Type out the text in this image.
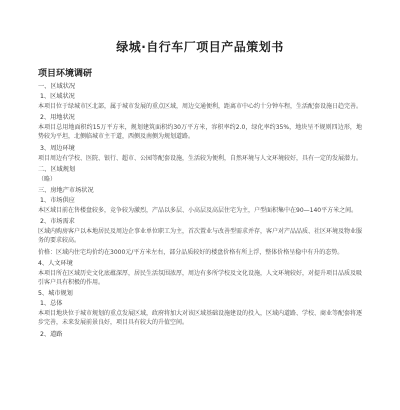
绿城·自行车厂项目产品策划书
项目环境调研
一、区域状况
1、区域状况
本项目位于绿城市区北部，属于城市发展的重点区域，周边交通便利，距离市中心约十分钟车程，生活配套设施日趋完善。
2、用地状况
本项目总用地面积约15万平方米，规划建筑面积约30万平方米，容积率约2.0，绿化率约35%，地块呈不规则四边形，地势较为平坦，北侧临城市主干道，西侧及南侧为规划道路。
3、周边环境
项目周边有学校、医院、银行、超市、公园等配套设施，生活较为便利，自然环境与人文环境较好，具有一定的发展潜力。
二、区域规划
（略）
三、房地产市场状况
1、市场供应
本区域目前在售楼盘较多，竞争较为激烈，产品以多层、小高层及高层住宅为主，户型面积集中在90—140平方米之间。
2、市场需求
区域内购房客户以本地居民及周边企事业单位职工为主，首次置业与改善型需求并存，客户对产品品质、社区环境及物业服务的要求较高。
价格：区域内住宅均价约在3000元/平方米左右，部分品质较好的楼盘价格有所上浮，整体价格呈稳中有升的态势。
4、人文环境
本项目所在区域历史文化底蕴深厚，居民生活氛围浓厚，周边有多所学校及文化设施，人文环境较好，对提升项目品质及吸引客户具有积极的作用。
5、城市规划
1、总体
本项目地块位于城市规划的重点发展区域，政府将加大对该区域基础设施建设的投入，区域内道路、学校、商业等配套将逐步完善，未来发展前景良好，项目具有较大的升值空间。
2、道路
